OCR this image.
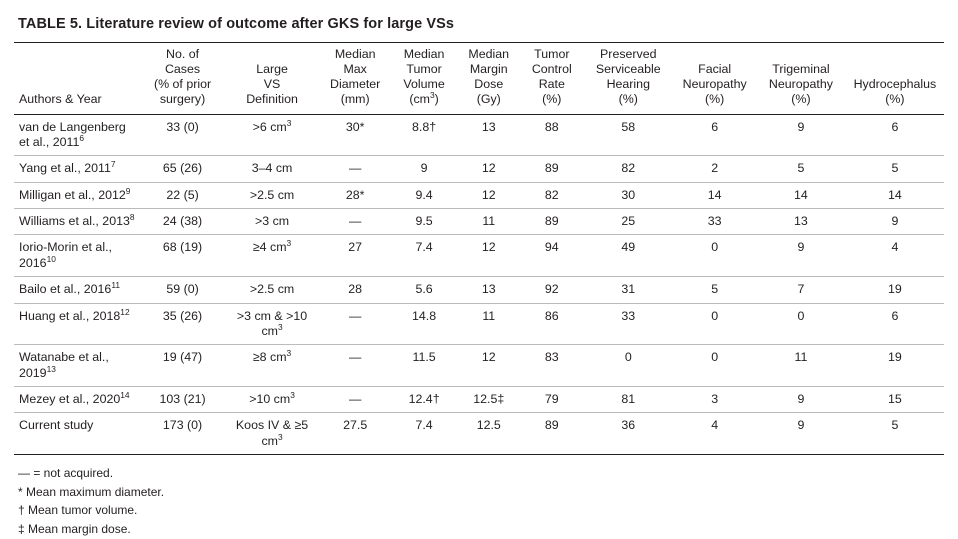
TABLE 5. Literature review of outcome after GKS for large VSs
Authors & Year	No. of
Cases
(% of prior
surgery)	Large
VS
Definition	Median
Max
Diameter
(mm)	Median
Tumor
Volume
$(cm^3)$	Median
Margin
Dose
(Gy)	Tumor
Control
Rate
(%)	Preserved
Serviceable
Hearing
(%)	Facial
Neuropathy
(%)	Trigeminal
Neuropathy
(%)	Hydrocephalus
(%)
van de Langenberg et al., 2011$^6$	33 (0)	>6 $cm^3$	30*	8.8†	13	88	58	6	9	6
Yang et al., 2011$^7$	65 (26)	3–4 cm	—	9	12	89	82	2	5	5
Milligan et al., 2012$^9$	22 (5)	>2.5 cm	28*	9.4	12	82	30	14	14	14
Williams et al., 2013$^8$	24 (38)	>3 cm	—	9.5	11	89	25	33	13	9
Iorio-Morin et al., 2016$^{10}$	68 (19)	≥4 $cm^3$	27	7.4	12	94	49	0	9	4
Bailo et al., 2016$^{11}$	59 (0)	>2.5 cm	28	5.6	13	92	31	5	7	19
Huang et al., 2018$^{12}$	35 (26)	>3 cm & >10 $cm^3$	—	14.8	11	86	33	0	0	6
Watanabe et al., 2019$^{13}$	19 (47)	≥8 $cm^3$	—	11.5	12	83	0	0	11	19
Mezey et al., 2020$^{14}$	103 (21)	>10 $cm^3$	—	12.4†	12.5‡	79	81	3	9	15
Current study	173 (0)	Koos IV & ≥5 $cm^3$	27.5	7.4	12.5	89	36	4	9	5
— = not acquired.
* Mean maximum diameter.
† Mean tumor volume.
‡ Mean margin dose.
